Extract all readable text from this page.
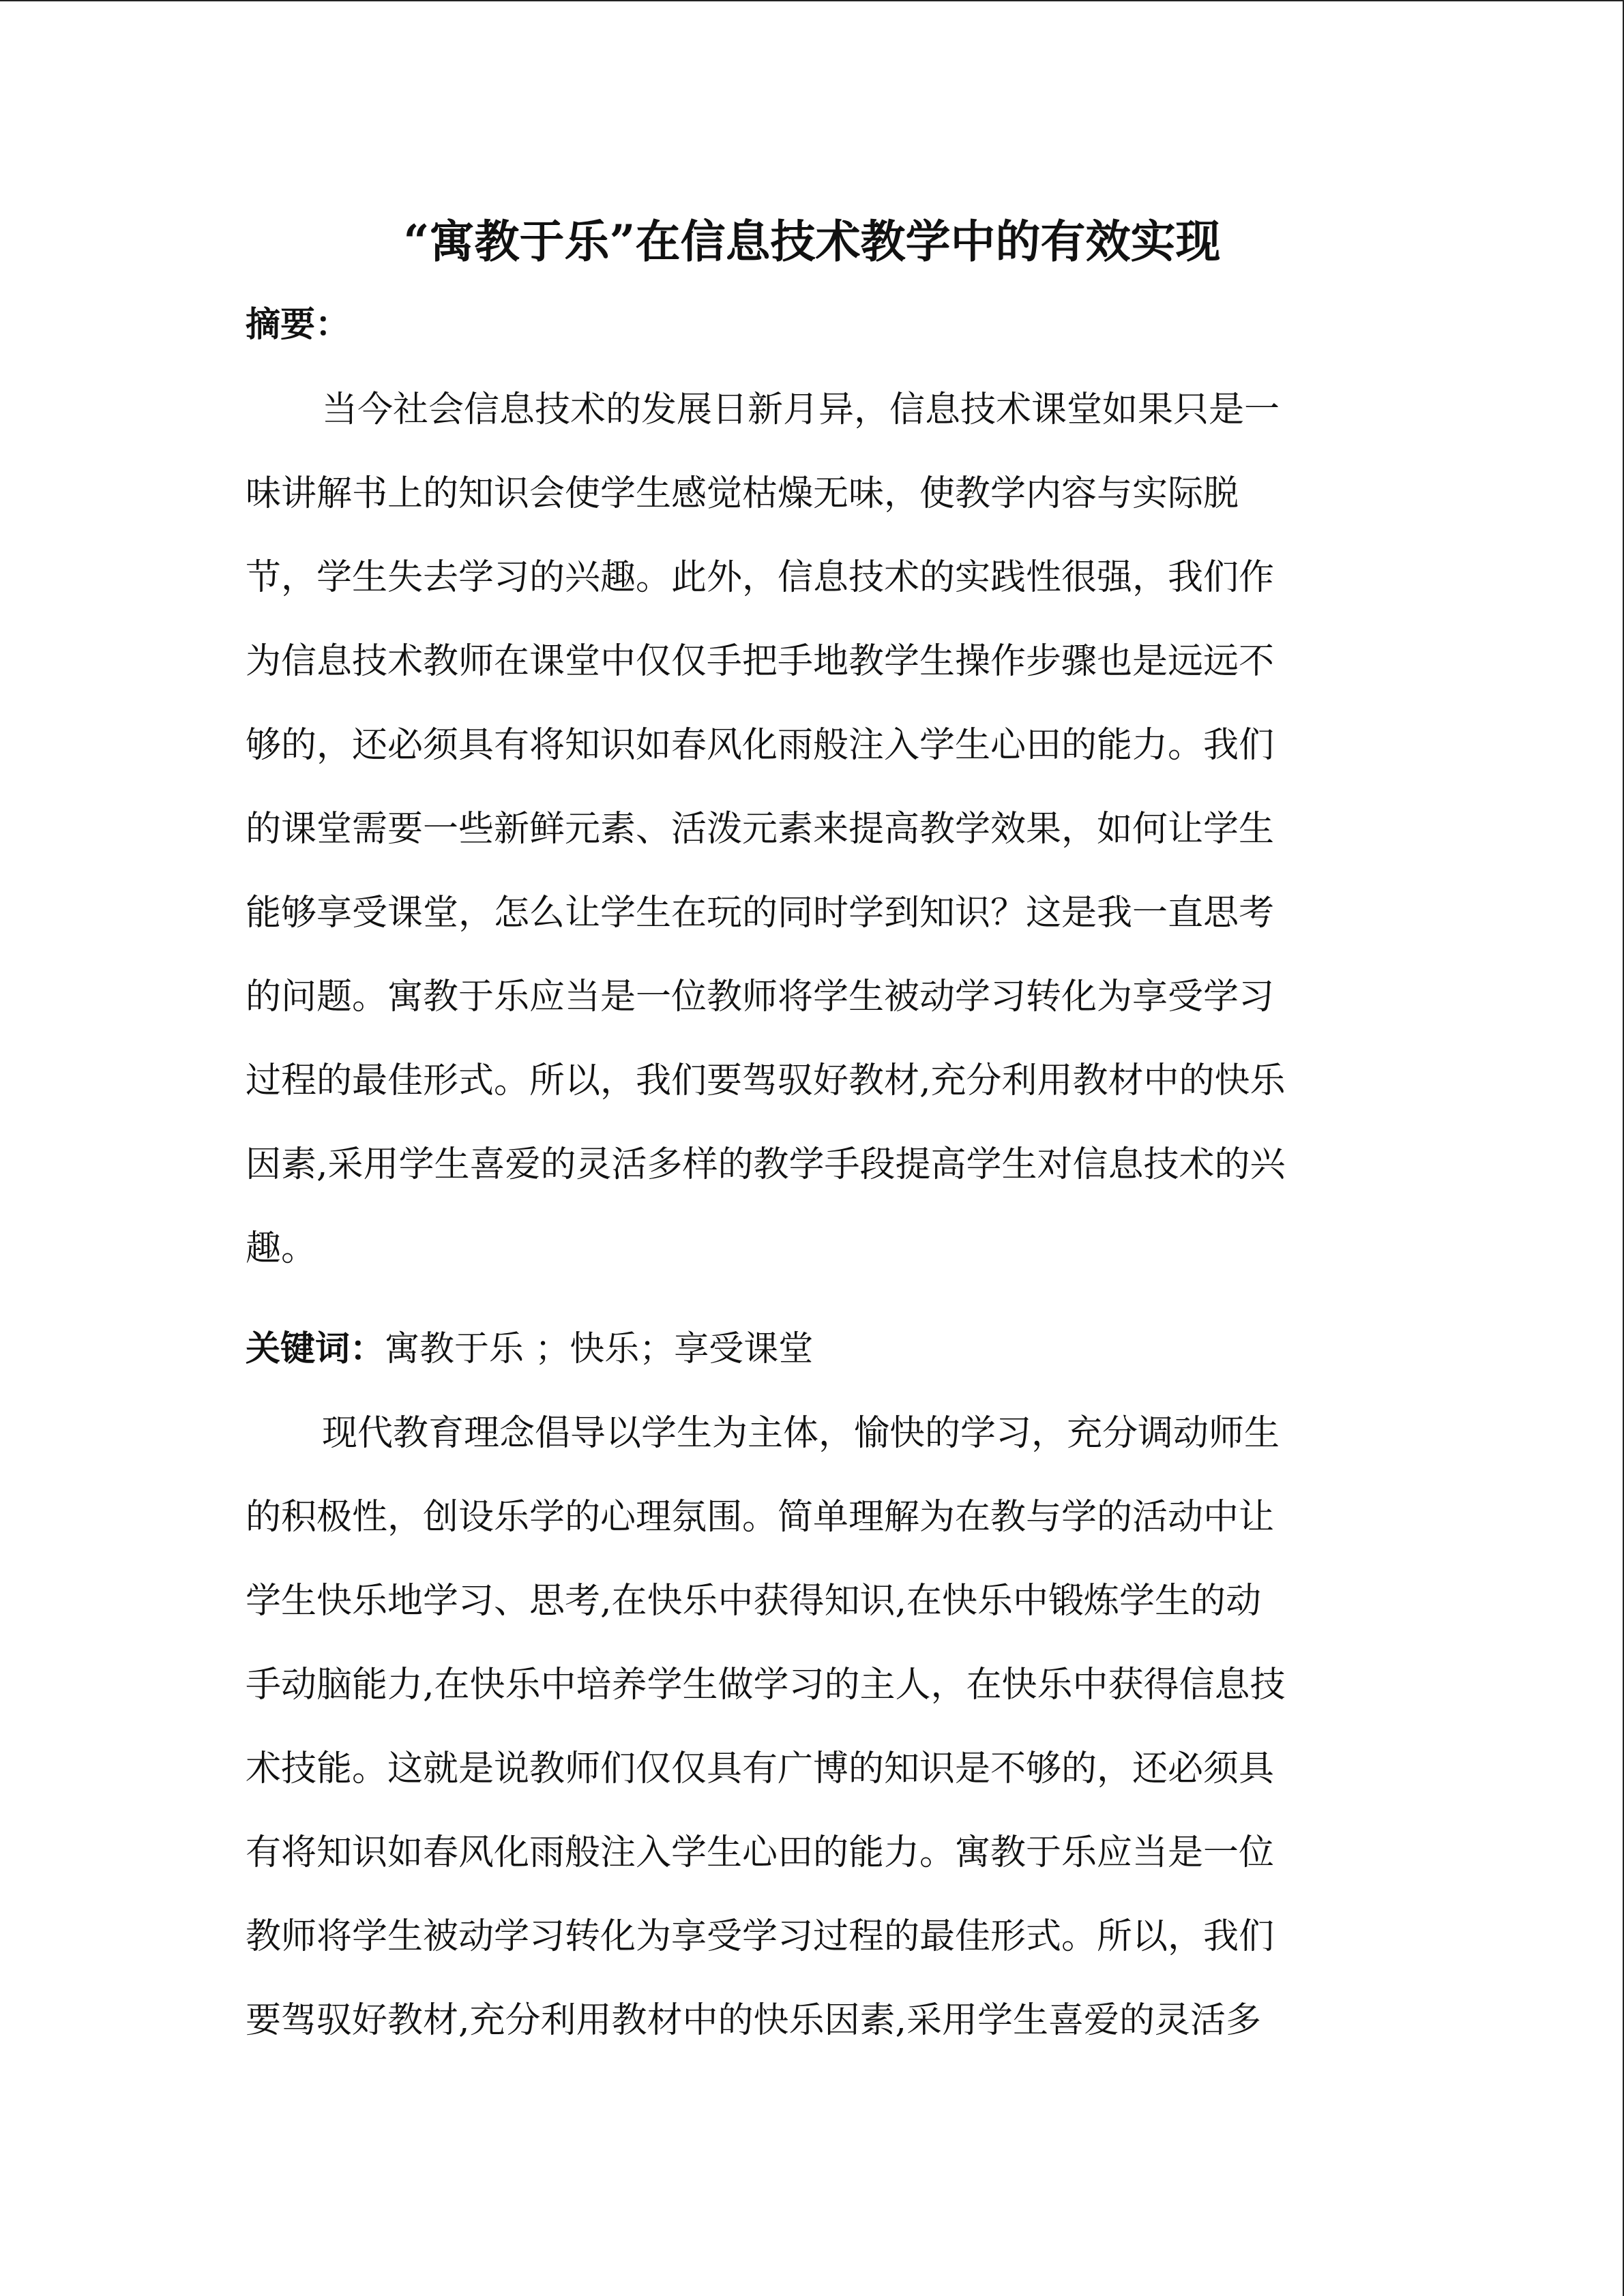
“寓教于乐”在信息技术教学中的有效实现
摘要：
当今社会信息技术的发展日新月异，信息技术课堂如果只是一
味讲解书上的知识会使学生感觉枯燥无味，使教学内容与实际脱
节，学生失去学习的兴趣。此外，信息技术的实践性很强，我们作
为信息技术教师在课堂中仅仅手把手地教学生操作步骤也是远远不
够的，还必须具有将知识如春风化雨般注入学生心田的能力。我们
的课堂需要一些新鲜元素、活泼元素来提高教学效果，如何让学生
能够享受课堂，怎么让学生在玩的同时学到知识？这是我一直思考
的问题。寓教于乐应当是一位教师将学生被动学习转化为享受学习
过程的最佳形式。所以，我们要驾驭好教材,充分利用教材中的快乐
因素,采用学生喜爱的灵活多样的教学手段提高学生对信息技术的兴
趣。
关键词：寓教于乐 ；快乐；享受课堂
现代教育理念倡导以学生为主体，愉快的学习，充分调动师生
的积极性，创设乐学的心理氛围。简单理解为在教与学的活动中让
学生快乐地学习、思考,在快乐中获得知识,在快乐中锻炼学生的动
手动脑能力,在快乐中培养学生做学习的主人，在快乐中获得信息技
术技能。这就是说教师们仅仅具有广博的知识是不够的，还必须具
有将知识如春风化雨般注入学生心田的能力。寓教于乐应当是一位
教师将学生被动学习转化为享受学习过程的最佳形式。所以，我们
要驾驭好教材,充分利用教材中的快乐因素,采用学生喜爱的灵活多
